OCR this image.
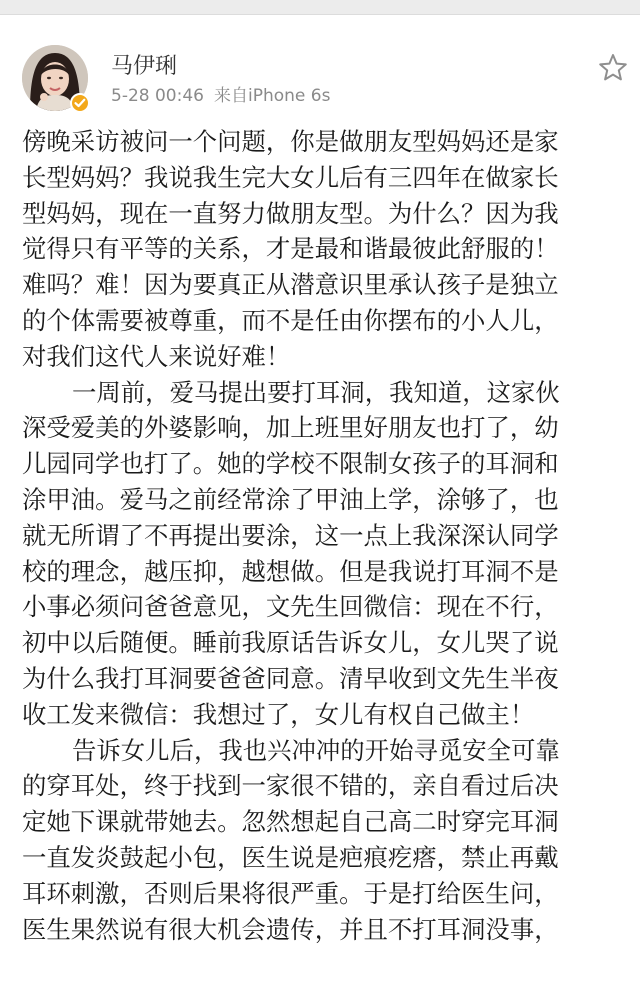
马伊琍
5-28 00:46 来自iPhone 6s
傍晚采访被问一个问题，你是做朋友型妈妈还是家
长型妈妈？我说我生完大女儿后有三四年在做家长
型妈妈，现在一直努力做朋友型。为什么？因为我
觉得只有平等的关系，才是最和谐最彼此舒服的！
难吗？难！因为要真正从潜意识里承认孩子是独立
的个体需要被尊重，而不是任由你摆布的小人儿，
对我们这代人来说好难！
一周前，爱马提出要打耳洞，我知道，这家伙
深受爱美的外婆影响，加上班里好朋友也打了，幼
儿园同学也打了。她的学校不限制女孩子的耳洞和
涂甲油。爱马之前经常涂了甲油上学，涂够了，也
就无所谓了不再提出要涂，这一点上我深深认同学
校的理念，越压抑，越想做。但是我说打耳洞不是
小事必须问爸爸意见，文先生回微信：现在不行，
初中以后随便。睡前我原话告诉女儿，女儿哭了说
为什么我打耳洞要爸爸同意。清早收到文先生半夜
收工发来微信：我想过了，女儿有权自己做主！
告诉女儿后，我也兴冲冲的开始寻觅安全可靠
的穿耳处，终于找到一家很不错的，亲自看过后决
定她下课就带她去。忽然想起自己高二时穿完耳洞
一直发炎鼓起小包，医生说是疤痕疙瘩，禁止再戴
耳环刺激，否则后果将很严重。于是打给医生问，
医生果然说有很大机会遗传，并且不打耳洞没事，
